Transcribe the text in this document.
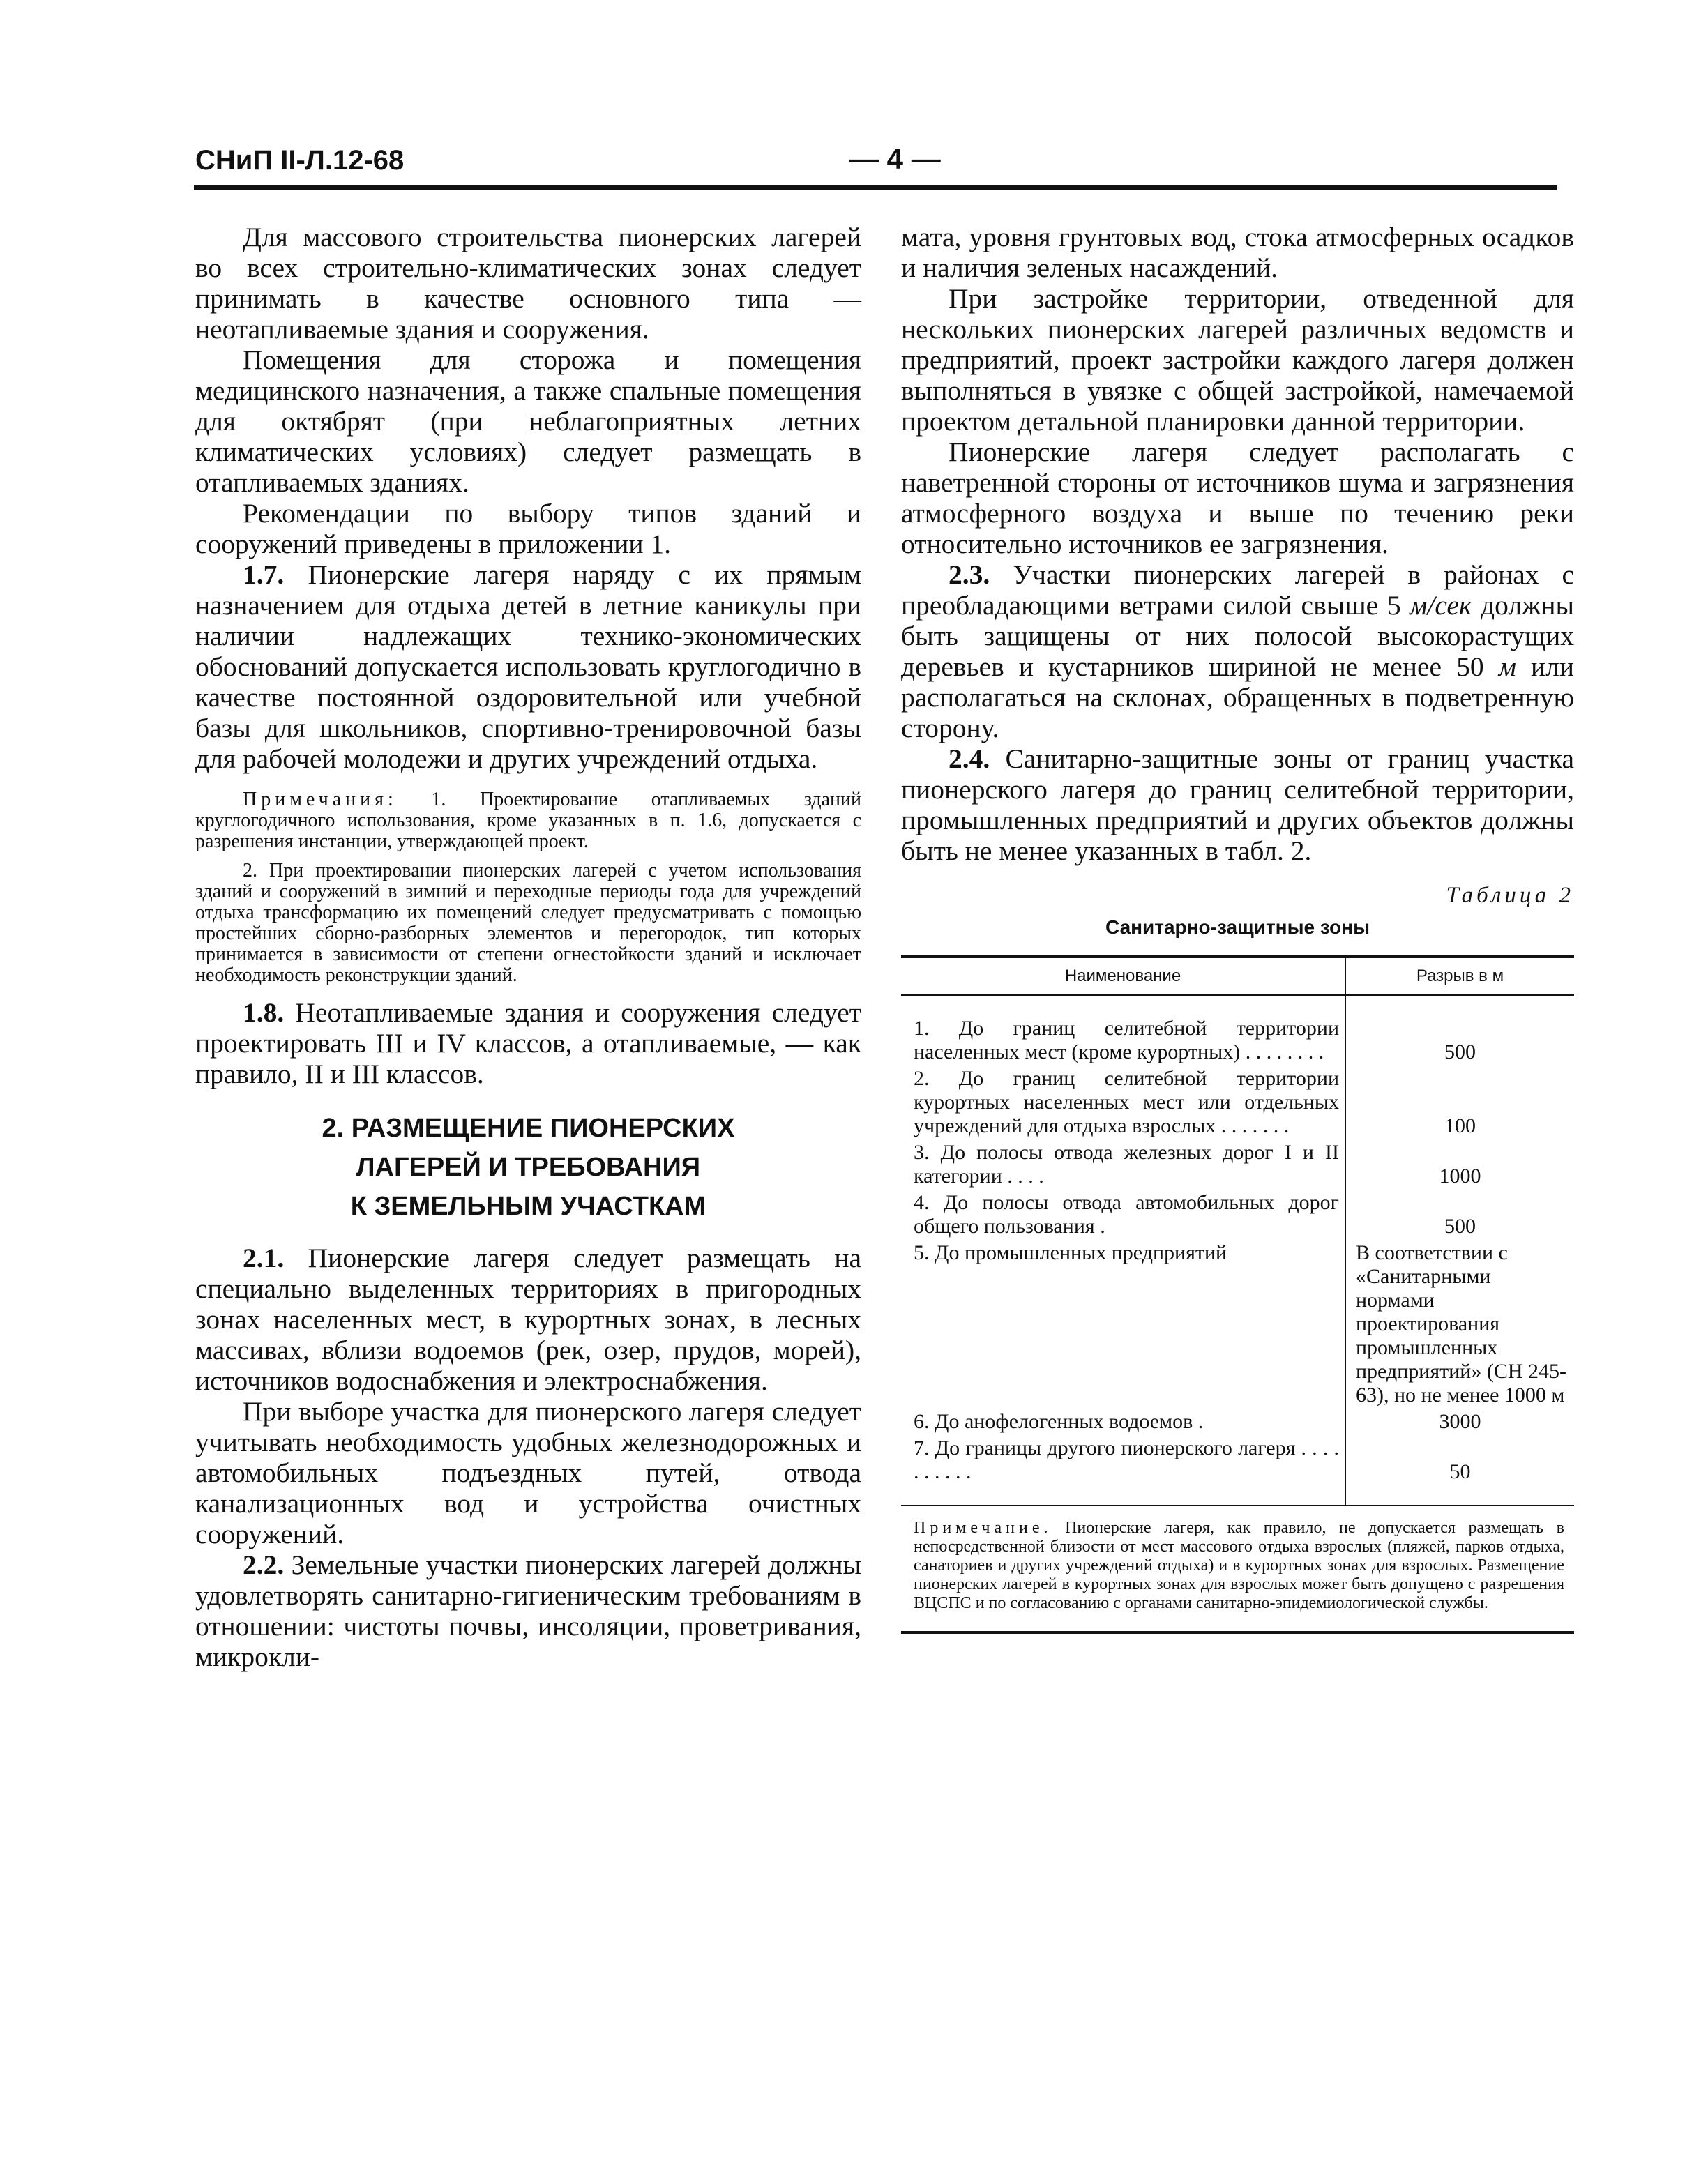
СНиП II-Л.12-68	— 4 —

Для массового строительства пионерских лагерей во всех строительно-климатических зонах следует принимать в качестве основного типа — неотапливаемые здания и сооружения.

Помещения для сторожа и помещения медицинского назначения, а также спальные помещения для октябрят (при неблагоприятных летних климатических условиях) следует размещать в отапливаемых зданиях.

Рекомендации по выбору типов зданий и сооружений приведены в приложении 1.

1.7. Пионерские лагеря наряду с их прямым назначением для отдыха детей в летние каникулы при наличии надлежащих технико-экономических обоснований допускается использовать круглогодично в качестве постоянной оздоровительной или учебной базы для школьников, спортивно-тренировочной базы для рабочей молодежи и других учреждений отдыха.

Примечания: 1. Проектирование отапливаемых зданий круглогодичного использования, кроме указанных в п. 1.6, допускается с разрешения инстанции, утверждающей проект.

2. При проектировании пионерских лагерей с учетом использования зданий и сооружений в зимний и переходные периоды года для учреждений отдыха трансформацию их помещений следует предусматривать с помощью простейших сборно-разборных элементов и перегородок, тип которых принимается в зависимости от степени огнестойкости зданий и исключает необходимость реконструкции зданий.

1.8. Неотапливаемые здания и сооружения следует проектировать III и IV классов, а отапливаемые, — как правило, II и III классов.

2. РАЗМЕЩЕНИЕ ПИОНЕРСКИХ
ЛАГЕРЕЙ И ТРЕБОВАНИЯ
К ЗЕМЕЛЬНЫМ УЧАСТКАМ

2.1. Пионерские лагеря следует размещать на специально выделенных территориях в пригородных зонах населенных мест, в курортных зонах, в лесных массивах, вблизи водоемов (рек, озер, прудов, морей), источников водоснабжения и электроснабжения.

При выборе участка для пионерского лагеря следует учитывать необходимость удобных железнодорожных и автомобильных подъездных путей, отвода канализационных вод и устройства очистных сооружений.

2.2. Земельные участки пионерских лагерей должны удовлетворять санитарно-гигиеническим требованиям в отношении: чистоты почвы, инсоляции, проветривания, микрокли-

мата, уровня грунтовых вод, стока атмосферных осадков и наличия зеленых насаждений.

При застройке территории, отведенной для нескольких пионерских лагерей различных ведомств и предприятий, проект застройки каждого лагеря должен выполняться в увязке с общей застройкой, намечаемой проектом детальной планировки данной территории.

Пионерские лагеря следует располагать с наветренной стороны от источников шума и загрязнения атмосферного воздуха и выше по течению реки относительно источников ее загрязнения.

2.3. Участки пионерских лагерей в районах с преобладающими ветрами силой свыше 5 м/сек должны быть защищены от них полосой высокорастущих деревьев и кустарников шириной не менее 50 м или располагаться на склонах, обращенных в подветренную сторону.

2.4. Санитарно-защитные зоны от границ участка пионерского лагеря до границ селитебной территории, промышленных предприятий и других объектов должны быть не менее указанных в табл. 2.

Таблица 2
Санитарно-защитные зоны
Наименование	Разрыв в м

1. До границ селитебной территории населенных мест (кроме курортных) . . . . . . . .	500
2. До границ селитебной территории курортных населенных мест или отдельных учреждений для отдыха взрослых . . . . . . .	100
3. До полосы отвода железных дорог I и II категории . . . .	1000
4. До полосы отвода автомобильных дорог общего пользования .	500
5. До промышленных предприятий	В соответствии с «Санитарными нормами проектирования промышленных предприятий» (СН 245-63), но не менее 1000 м
6. До анофелогенных водоемов .	3000
7. До границы другого пионерского лагеря . . . . . . . . . .	50

Примечание. Пионерские лагеря, как правило, не допускается размещать в непосредственной близости от мест массового отдыха взрослых (пляжей, парков отдыха, санаториев и других учреждений отдыха) и в курортных зонах для взрослых. Размещение пионерских лагерей в курортных зонах для взрослых может быть допущено с разрешения ВЦСПС и по согласованию с органами санитарно-эпидемиологической службы.	
